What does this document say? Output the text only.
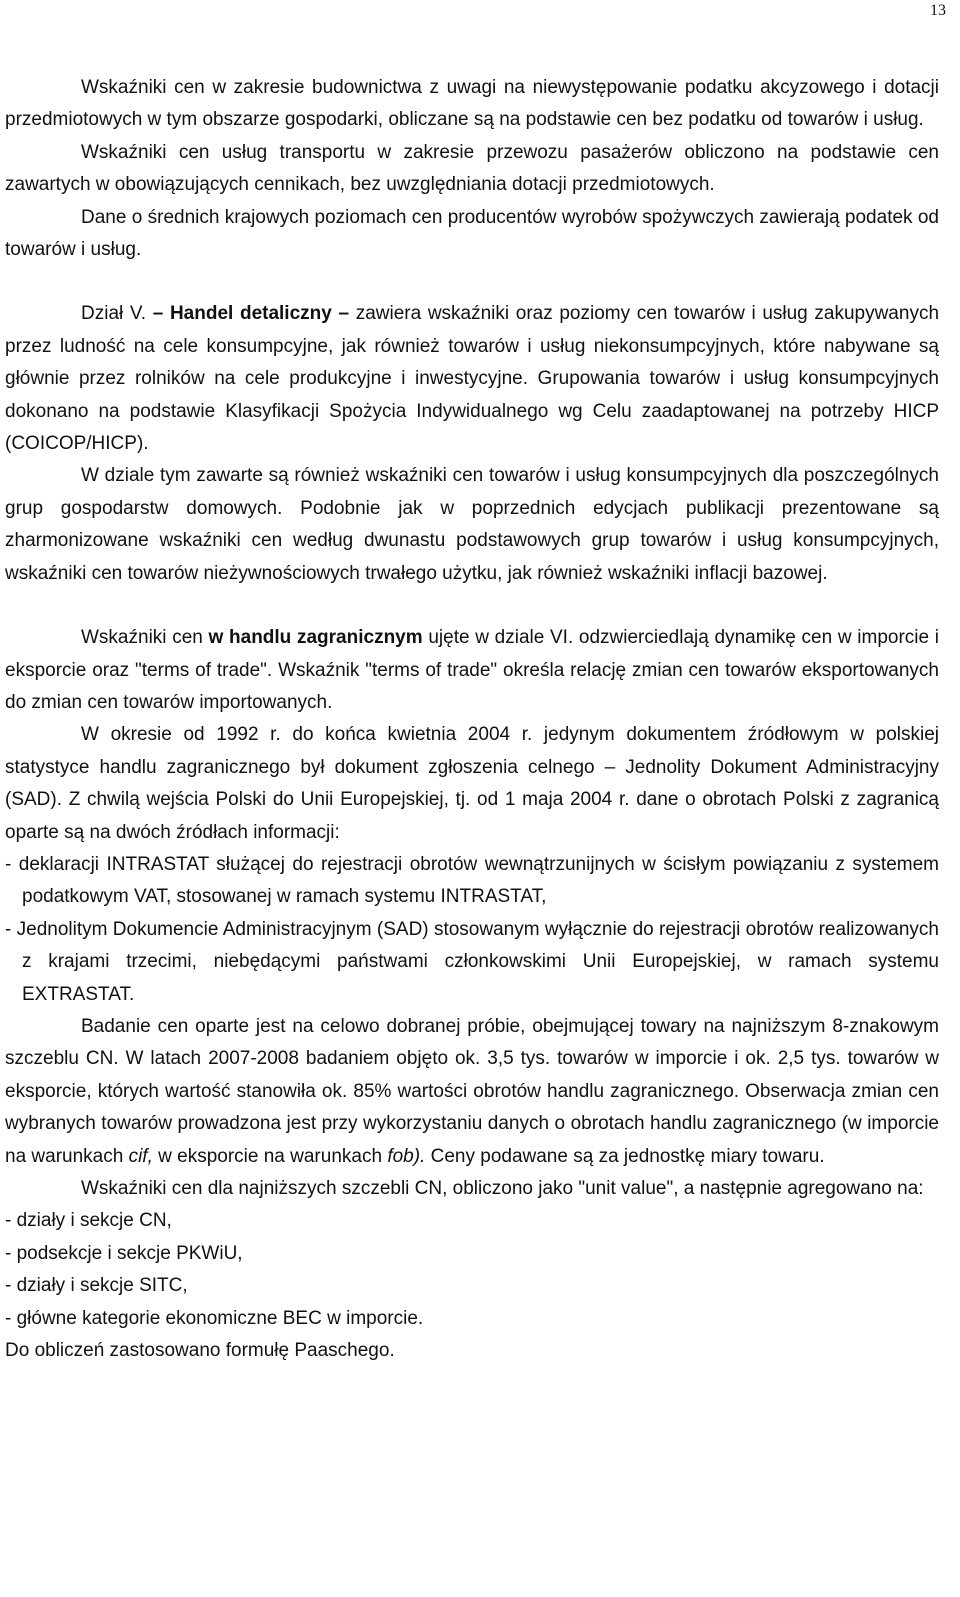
13

Wskaźniki cen w zakresie budownictwa z uwagi na niewystępowanie podatku akcyzowego i dotacji przedmiotowych w tym obszarze gospodarki, obliczane są na podstawie cen bez podatku od towarów i usług.

Wskaźniki cen usług transportu w zakresie przewozu pasażerów obliczono na podstawie cen zawartych w obowiązujących cennikach, bez uwzględniania dotacji przedmiotowych.

Dane o średnich krajowych poziomach cen producentów wyrobów spożywczych zawierają podatek od towarów i usług.

Dział V. – Handel detaliczny – zawiera wskaźniki oraz poziomy cen towarów i usług zakupywanych przez ludność na cele konsumpcyjne, jak również towarów i usług niekonsumpcyjnych, które nabywane są głównie przez rolników na cele produkcyjne i inwestycyjne. Grupowania towarów i usług konsumpcyjnych dokonano na podstawie Klasyfikacji Spożycia Indywidualnego wg Celu zaadaptowanej na potrzeby HICP (COICOP/HICP).

W dziale tym zawarte są również wskaźniki cen towarów i usług konsumpcyjnych dla poszczególnych grup gospodarstw domowych. Podobnie jak w poprzednich edycjach publikacji prezentowane są zharmonizowane wskaźniki cen według dwunastu podstawowych grup towarów i usług konsumpcyjnych, wskaźniki cen towarów nieżywnościowych trwałego użytku, jak również wskaźniki inflacji bazowej.

Wskaźniki cen w handlu zagranicznym ujęte w dziale VI. odzwierciedlają dynamikę cen w imporcie i eksporcie oraz "terms of trade". Wskaźnik "terms of trade" określa relację zmian cen towarów eksportowanych do zmian cen towarów importowanych.

W okresie od 1992 r. do końca kwietnia 2004 r. jedynym dokumentem źródłowym w polskiej statystyce handlu zagranicznego był dokument zgłoszenia celnego – Jednolity Dokument Administracyjny (SAD). Z chwilą wejścia Polski do Unii Europejskiej, tj. od 1 maja 2004 r. dane o obrotach Polski z zagranicą oparte są na dwóch źródłach informacji:

- deklaracji INTRASTAT służącej do rejestracji obrotów wewnątrzunijnych w ścisłym powiązaniu z systemem podatkowym VAT, stosowanej w ramach systemu INTRASTAT,

- Jednolitym Dokumencie Administracyjnym (SAD) stosowanym wyłącznie do rejestracji obrotów realizowanych z krajami trzecimi, niebędącymi państwami członkowskimi Unii Europejskiej, w ramach systemu EXTRASTAT.

Badanie cen oparte jest na celowo dobranej próbie, obejmującej towary na najniższym 8-znakowym szczeblu CN. W latach 2007-2008 badaniem objęto ok. 3,5 tys. towarów w imporcie i ok. 2,5 tys. towarów w eksporcie, których wartość stanowiła ok. 85% wartości obrotów handlu zagranicznego. Obserwacja zmian cen wybranych towarów prowadzona jest przy wykorzystaniu danych o obrotach handlu zagranicznego (w imporcie na warunkach cif, w eksporcie na warunkach fob). Ceny podawane są za jednostkę miary towaru.

Wskaźniki cen dla najniższych szczebli CN, obliczono jako "unit value", a następnie agregowano na:

- działy i sekcje CN,

- podsekcje i sekcje PKWiU,

- działy i sekcje SITC,

- główne kategorie ekonomiczne BEC w imporcie.

Do obliczeń zastosowano formułę Paaschego.
